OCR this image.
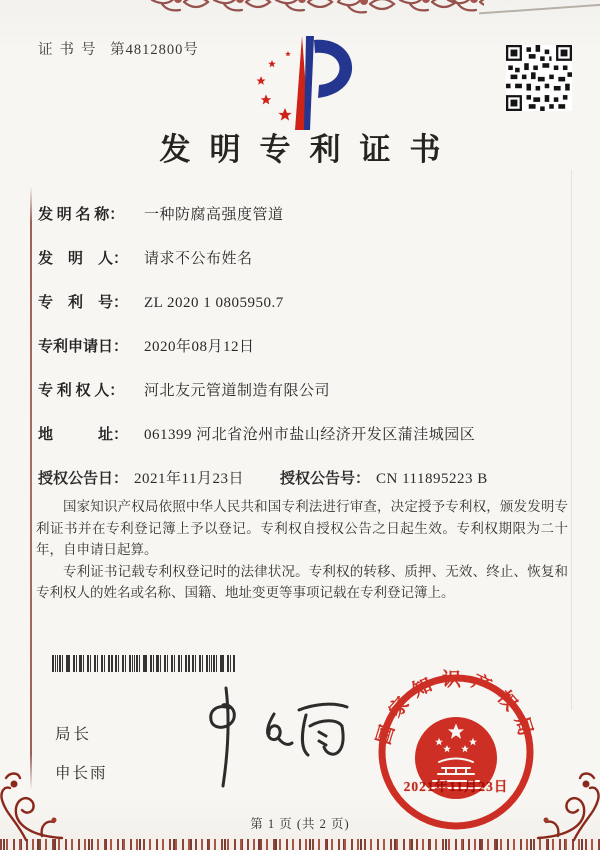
证书号 第4812800号
发明专利证书
发 明 名 称：	一种防腐高强度管道
发　明　人：	请求不公布姓名
专　利　号：	ZL 2020 1 0805950.7
专利申请日：	2020年08月12日
专 利 权 人：	河北友元管道制造有限公司
地　　　址：	061399 河北省沧州市盐山经济开发区蒲洼城园区
授权公告日： 2021年11月23日 授权公告号： CN 111895223 B

国家知识产权局依照中华人民共和国专利法进行审查，决定授予专利权，颁发发明专利证书并在专利登记簿上予以登记。专利权自授权公告之日起生效。专利权期限为二十年，自申请日起算。

专利证书记载专利权登记时的法律状况。专利权的转移、质押、无效、终止、恢复和专利权人的姓名或名称、国籍、地址变更等事项记载在专利登记簿上。

局长
申长雨
国家知识产权局
2021年11月23日
第 1 页 (共 2 页)
